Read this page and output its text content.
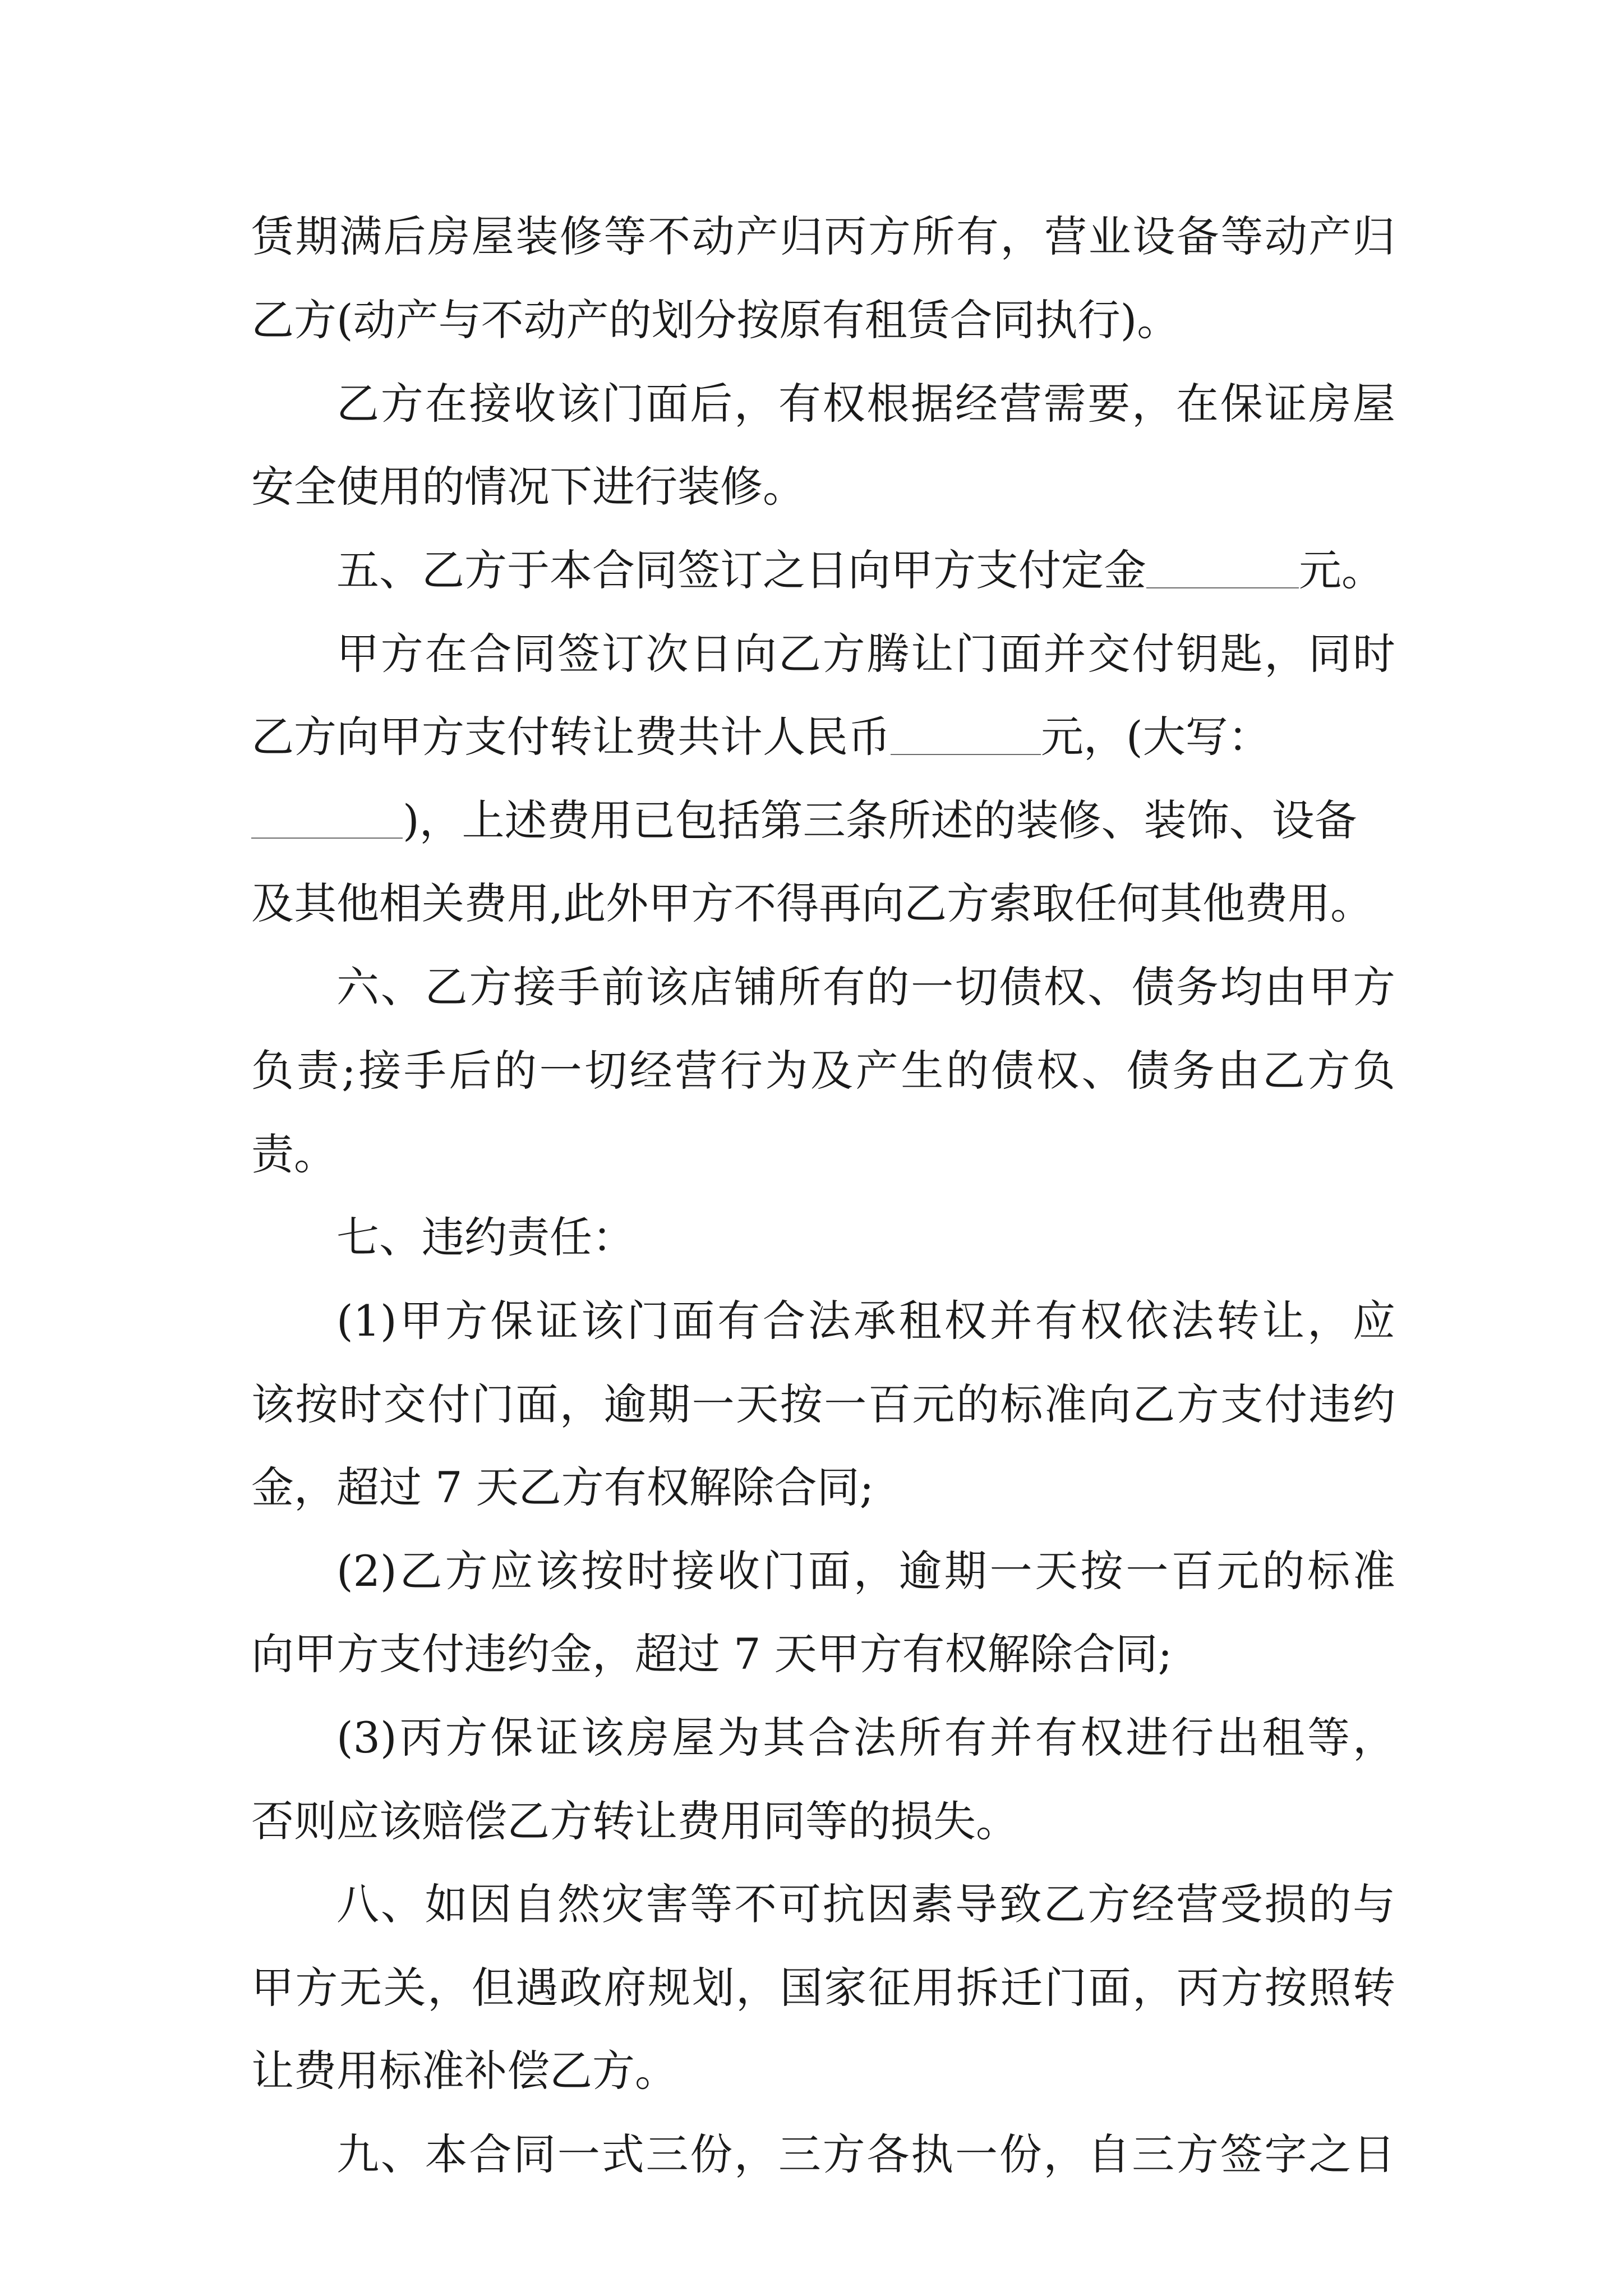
赁期满后房屋装修等不动产归丙方所有，营业设备等动产归
乙方(动产与不动产的划分按原有租赁合同执行)。
乙方在接收该门面后，有权根据经营需要，在保证房屋
安全使用的情况下进行装修。
五、乙方于本合同签订之日向甲方支付定金	元。
甲方在合同签订次日向乙方腾让门面并交付钥匙，同时
乙方向甲方支付转让费共计人民币	元，(大写：
)，上述费用已包括第三条所述的装修、装饰、设备
及其他相关费用,此外甲方不得再向乙方索取任何其他费用。
六、乙方接手前该店铺所有的一切债权、债务均由甲方
负责;接手后的一切经营行为及产生的债权、债务由乙方负
责。
七、违约责任：
(1)甲方保证该门面有合法承租权并有权依法转让，应
该按时交付门面，逾期一天按一百元的标准向乙方支付违约
金，超过 7 天乙方有权解除合同;
(2)乙方应该按时接收门面，逾期一天按一百元的标准
向甲方支付违约金，超过 7 天甲方有权解除合同;
(3)丙方保证该房屋为其合法所有并有权进行出租等，
否则应该赔偿乙方转让费用同等的损失。
八、如因自然灾害等不可抗因素导致乙方经营受损的与
甲方无关，但遇政府规划，国家征用拆迁门面，丙方按照转
让费用标准补偿乙方。
九、本合同一式三份，三方各执一份，自三方签字之日
